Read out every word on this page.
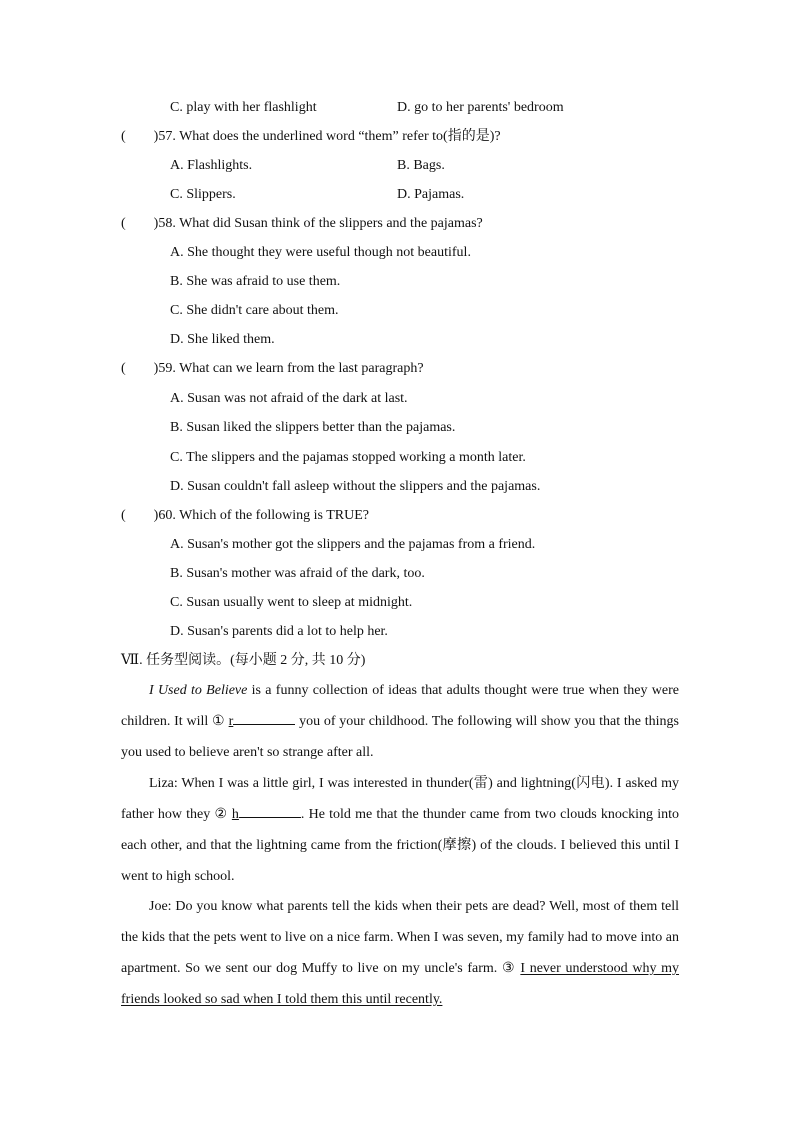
C. play with her flashlight	D. go to her parents' bedroom
( )57. What does the underlined word “them” refer to(指的是)?
A. Flashlights.	B. Bags.
C. Slippers.	D. Pajamas.
( )58. What did Susan think of the slippers and the pajamas?
A. She thought they were useful though not beautiful.
B. She was afraid to use them.
C. She didn't care about them.
D. She liked them.
( )59. What can we learn from the last paragraph?
A. Susan was not afraid of the dark at last.
B. Susan liked the slippers better than the pajamas.
C. The slippers and the pajamas stopped working a month later.
D. Susan couldn't fall asleep without the slippers and the pajamas.
( )60. Which of the following is TRUE?
A. Susan's mother got the slippers and the pajamas from a friend.
B. Susan's mother was afraid of the dark, too.
C. Susan usually went to sleep at midnight.
D. Susan's parents did a lot to help her.
Ⅶ. 任务型阅读。(每小题 2 分, 共 10 分)
I Used to Believe is a funny collection of ideas that adults thought were true when they were children. It will ① r	you of your childhood. The following will show you that the things you used to believe aren't so strange after all.
Liza: When I was a little girl, I was interested in thunder(雷) and lightning(闪电). I asked my father how they ② h	. He told me that the thunder came from two clouds knocking into each other, and that the lightning came from the friction(摩擦) of the clouds. I believed this until I went to high school.
Joe: Do you know what parents tell the kids when their pets are dead? Well, most of them tell the kids that the pets went to live on a nice farm. When I was seven, my family had to move into an apartment. So we sent our dog Muffy to live on my uncle's farm. ③ I never understood why my friends looked so sad when I told them this until recently.
